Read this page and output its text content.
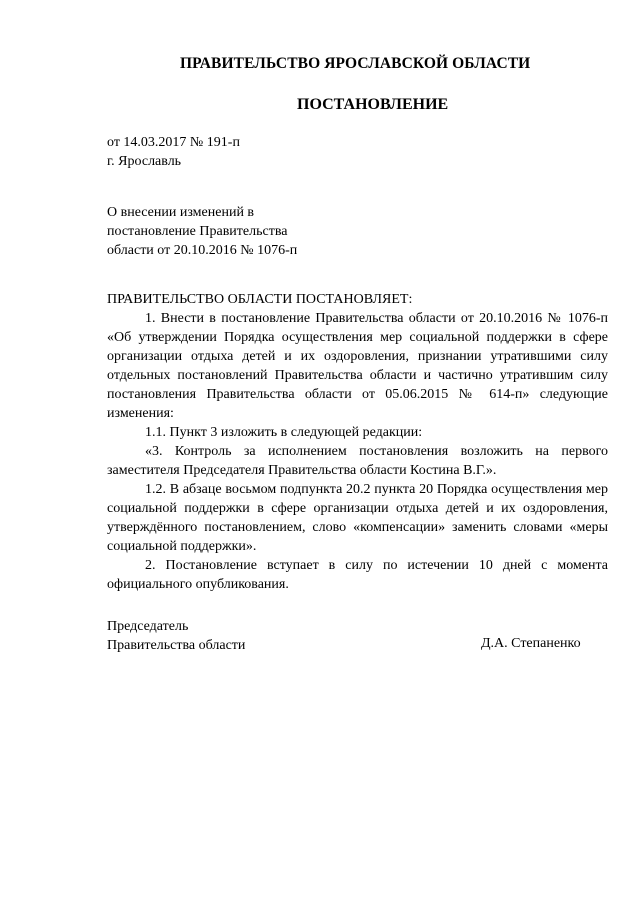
ПРАВИТЕЛЬСТВО ЯРОСЛАВСКОЙ ОБЛАСТИ
ПОСТАНОВЛЕНИЕ
от 14.03.2017 № 191-п
г. Ярославль
О внесении изменений в
постановление Правительства
области от 20.10.2016 № 1076-п

ПРАВИТЕЛЬСТВО ОБЛАСТИ ПОСТАНОВЛЯЕТ:

1. Внести в постановление Правительства области от 20.10.2016 № 1076-п «Об утверждении Порядка осуществления мер социальной поддержки в сфере организации отдыха детей и их оздоровления, признании утратившими силу отдельных постановлений Правительства области и частично утратившим силу постановления Правительства области от 05.06.2015 № 614-п» следующие изменения:

1.1. Пункт 3 изложить в следующей редакции:

«3. Контроль за исполнением постановления возложить на первого заместителя Председателя Правительства области Костина В.Г.».

1.2. В абзаце восьмом подпункта 20.2 пункта 20 Порядка осуществления мер социальной поддержки в сфере организации отдыха детей и их оздоровления, утверждённого постановлением, слово «компенсации» заменить словами «меры социальной поддержки».

2. Постановление вступает в силу по истечении 10 дней с момента официального опубликования.

Председатель
Правительства области	Д.А. Степаненко
